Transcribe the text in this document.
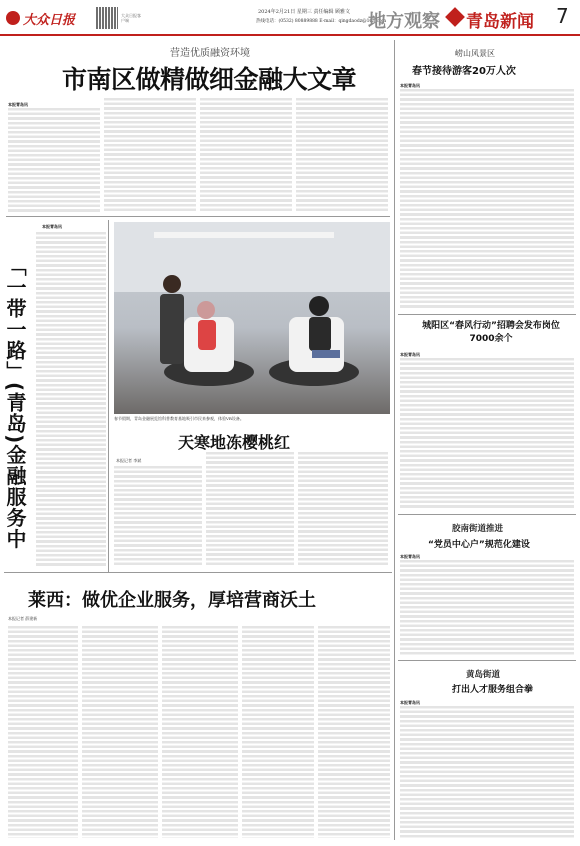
大众日报	大众日报客户端
2024年2月21日 星期三 责任编辑 顾雅文
热线电话：(0532) 80889888 E-mail：qingdaodz@163.com
地方观察 青岛新闻 7
营造优质融资环境
市南区做精做细金融大文章
本报青岛讯
本报青岛讯
「一带一路」(青岛)金融服务中
春节假期，青岛金融展览馆科普教育基地吸引市民来参观，体验VR设备。
天寒地冻樱桃红
本报记者 李斌
莱西：做优企业服务，厚培营商沃土
本报记者 薛建新
崂山风景区
春节接待游客20万人次
本报青岛讯
城阳区“春风行动”招聘会发布岗位7000余个
本报青岛讯
胶南街道推进
“党员中心户”规范化建设
本报青岛讯
黄岛街道
打出人才服务组合拳
本报青岛讯
